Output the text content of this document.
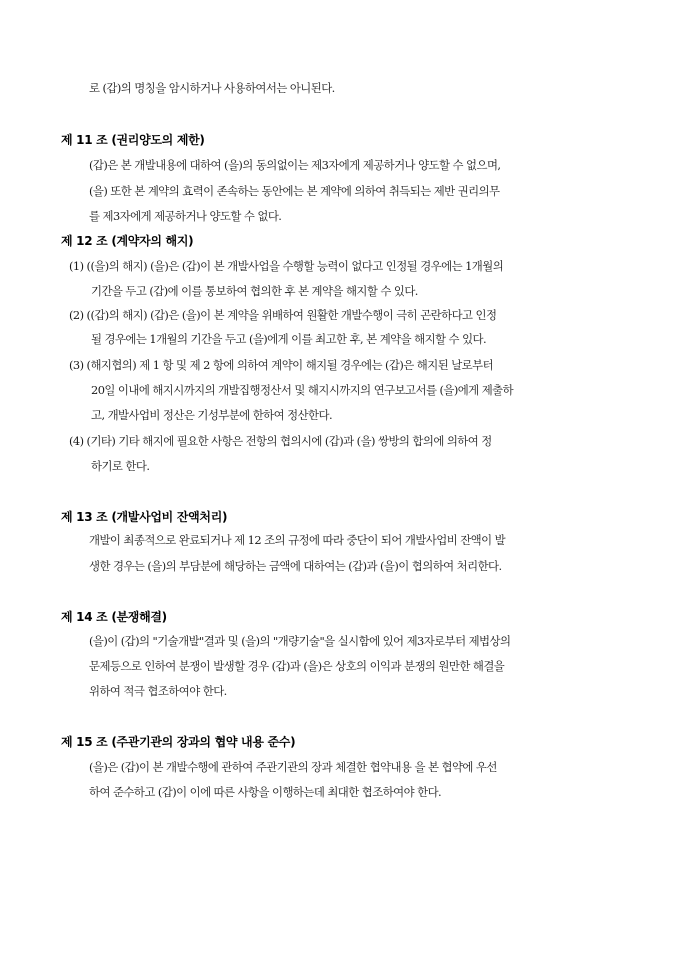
로 (갑)의 명칭을 암시하거나 사용하여서는 아니된다.
제 11 조 (권리양도의 제한)
(갑)은 본 개발내용에 대하여 (을)의 동의없이는 제3자에게 제공하거나 양도할 수 없으며,
(을) 또한 본 계약의 효력이 존속하는 동안에는 본 계약에 의하여 취득되는 제반 권리의무
를 제3자에게 제공하거나 양도할 수 없다.
제 12 조 (계약자의 해지)
(1) ((을)의 해지) (을)은 (갑)이 본 개발사업을 수행할 능력이 없다고 인정될 경우에는 1개월의
기간을 두고 (갑)에 이를 통보하여 협의한 후 본 계약을 해지할 수 있다.
(2) ((갑)의 해지) (갑)은 (을)이 본 계약을 위배하여 원활한 개발수행이 극히 곤란하다고 인정
될 경우에는 1개월의 기간을 두고 (을)에게 이를 최고한 후, 본 계약을 해지할 수 있다.
(3) (해지협의) 제 1 항 및 제 2 항에 의하여 계약이 해지될 경우에는 (갑)은 해지된 날로부터
20일 이내에 해지시까지의 개발집행정산서 및 해지시까지의 연구보고서를 (을)에게 제출하
고, 개발사업비 정산은 기성부분에 한하여 정산한다.
(4) (기타) 기타 해지에 필요한 사항은 전항의 협의시에 (갑)과 (을) 쌍방의 합의에 의하여 정
하기로 한다.
제 13 조 (개발사업비 잔액처리)
개발이 최종적으로 완료되거나 제 12 조의 규정에 따라 중단이 되어 개발사업비 잔액이 발
생한 경우는 (을)의 부담분에 해당하는 금액에 대하여는 (갑)과 (을)이 협의하여 처리한다.
제 14 조 (분쟁해결)
(을)이 (갑)의 "기술개발"결과 및 (을)의 "개량기술"을 실시함에 있어 제3자로부터 제법상의
문제등으로 인하여 분쟁이 발생할 경우 (갑)과 (을)은 상호의 이익과 분쟁의 원만한 해결을
위하여 적극 협조하여야 한다.
제 15 조 (주관기관의 장과의 협약 내용 준수)
(을)은 (갑)이 본 개발수행에 관하여 주관기관의 장과 체결한 협약내용 을 본 협약에 우선
하여 준수하고 (갑)이 이에 따른 사항을 이행하는데 최대한 협조하여야 한다.
